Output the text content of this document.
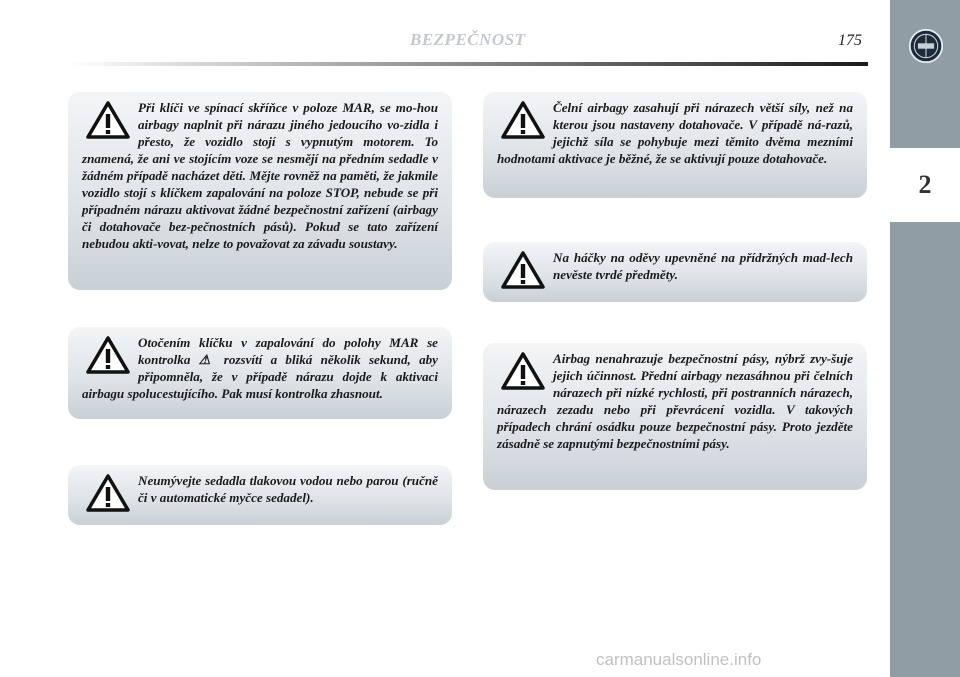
BEZPEČNOST	175
2
Při klíči ve spínací skříňce v poloze MAR, se mo-hou airbagy naplnit při nárazu jiného jedoucího vo-zidla i přesto, že vozidlo stojí s vypnutým motorem. To znamená, že ani ve stojícím voze se nesmějí na předním sedadle v žádném případě nacházet děti. Mějte rovněž na paměti, že jakmile vozidlo stojí s klíčkem zapalování na poloze STOP, nebude se při případném nárazu aktivovat žádné bezpečnostní zařízení (airbagy či dotahovače bez-pečnostních pásů). Pokud se tato zařízení nebudou akti-vovat, nelze to považovat za závadu soustavy.
Otočením klíčku v zapalování do polohy MAR se kontrolka ⚠︎ rozsvítí a bliká několik sekund, aby připomněla, že v případě nárazu dojde k aktivaci airbagu spolucestujícího. Pak musí kontrolka zhasnout.
Neumývejte sedadla tlakovou vodou nebo parou (ručně či v automatické myčce sedadel).
Čelní airbagy zasahují při nárazech větší síly, než na kterou jsou nastaveny dotahovače. V případě ná-razů, jejichž síla se pohybuje mezi těmito dvěma mezními hodnotami aktivace je běžné, že se aktivují pouze dotahovače.
Na háčky na oděvy upevněné na přídržných mad-lech nevěste tvrdé předměty.
Airbag nenahrazuje bezpečnostní pásy, nýbrž zvy-šuje jejich účinnost. Přední airbagy nezasáhnou při čelních nárazech při nízké rychlosti, při postranních nárazech, nárazech zezadu nebo při převrácení vozidla. V takových případech chrání osádku pouze bezpečnostní pásy. Proto jezděte zásadně se zapnutými bezpečnostními pásy.
carmanualsonline.info
